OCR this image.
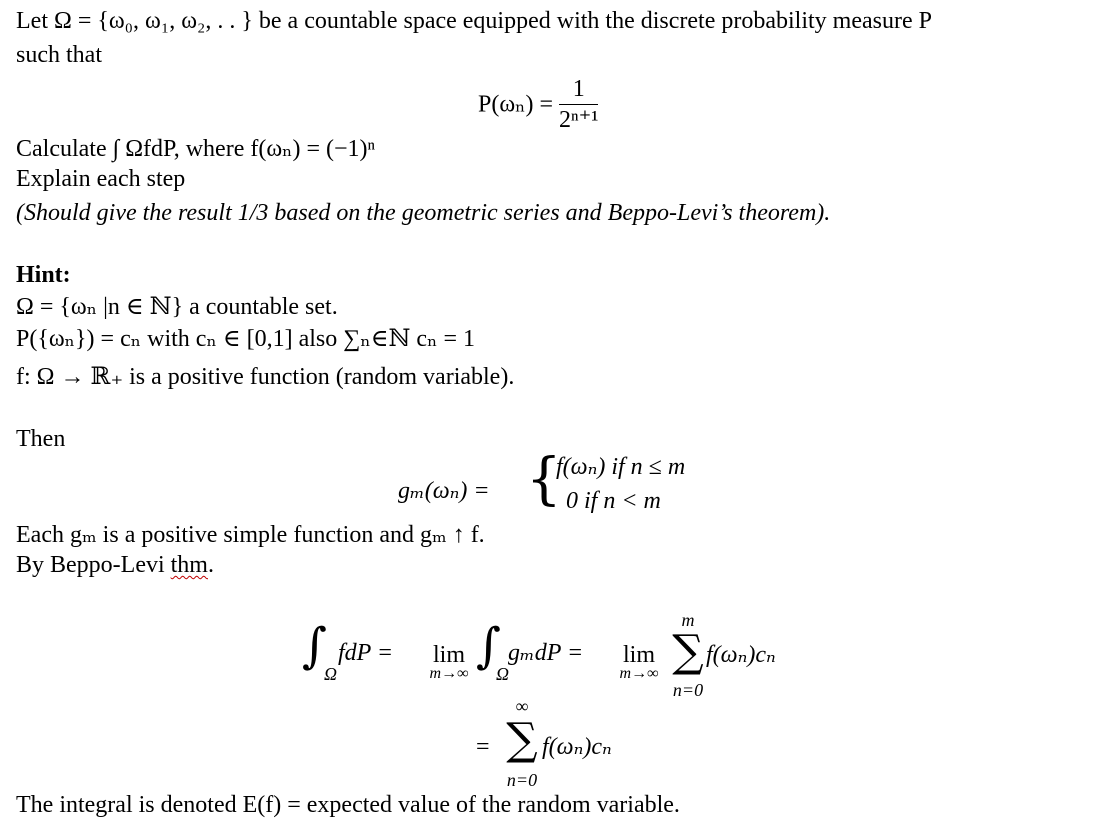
Let Ω = {ω₀, ω₁, ω₂, . . } be a countable space equipped with the discrete probability measure P
such that
$P(\omega_n) = \frac{1}{\text{2ⁿ⁺¹}}$
Calculate ∫ ΩfdP, where f(ωₙ) = (−1)ⁿ
Explain each step
(Should give the result 1/3 based on the geometric series and Beppo-Levi’s theorem).
Hint:
Ω = {ωₙ |n ∈ ℕ} a countable set.
P({ωₙ}) = cₙ with cₙ ∈ [0,1] also ∑ₙ∈ℕ cₙ = 1
f: Ω → ℝ₊ is a positive function (random variable).
Then
gₘ(ωₙ) = {
f(ωₙ) if n ≤ m
0 if n < m
Each gₘ is a positive simple function and gₘ ↑ f.
By Beppo-Levi thm.
∫
Ω
fdP =	lim
m→∞ ∫
Ω
gₘdP =	lim
m→∞
m
∑
n=0
f(ωₙ)cₙ
=
∞
∑
n=0
f(ωₙ)cₙ
The integral is denoted E(f) = expected value of the random variable.
